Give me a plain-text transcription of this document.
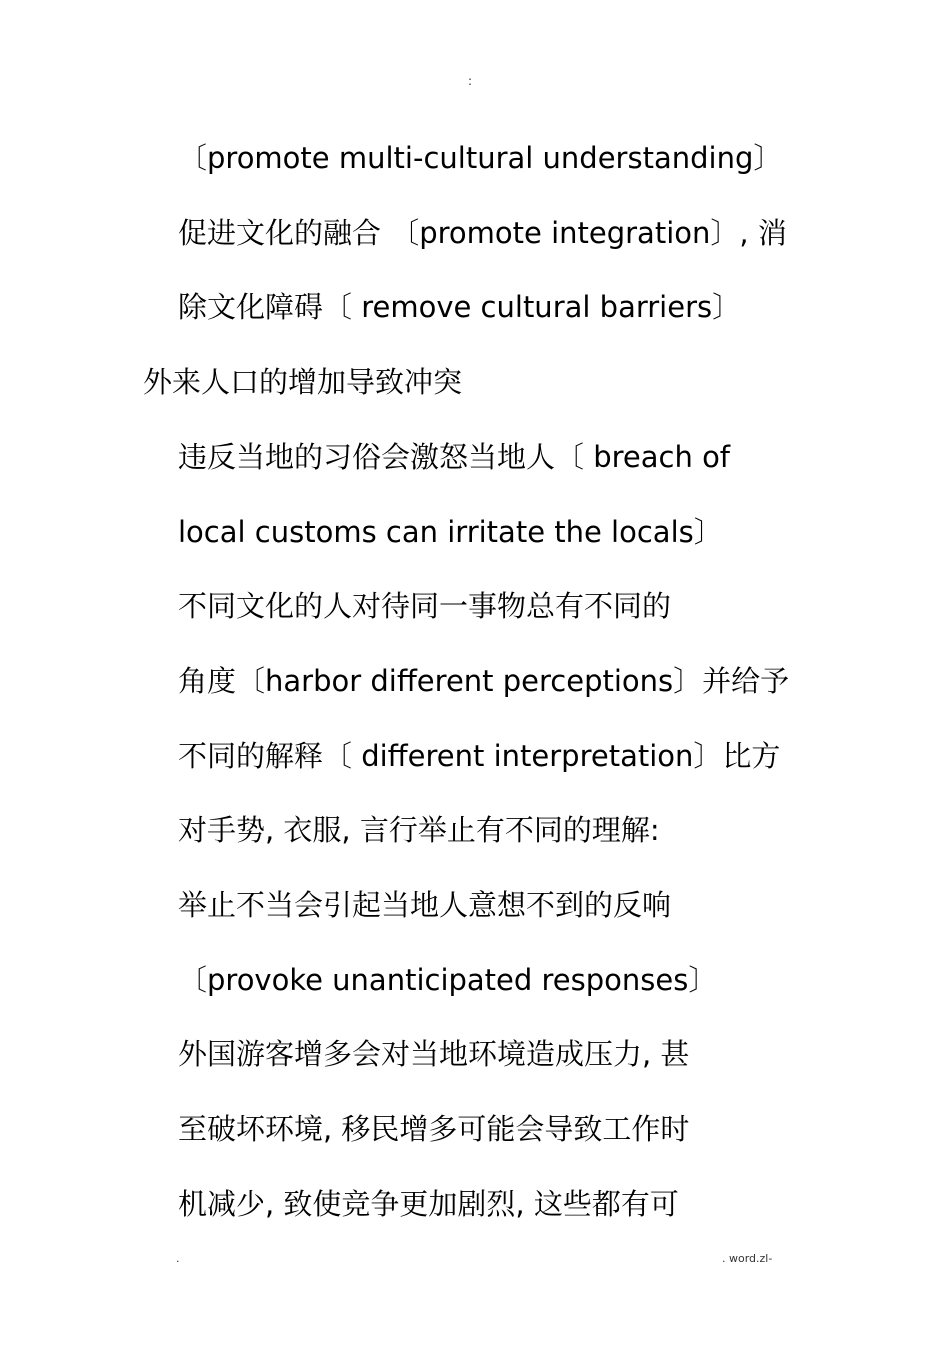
:
〔promote multi-cultural understanding〕
促进文化的融合 〔promote integration〕, 消
除文化障碍〔 remove cultural barriers〕
外来人口的增加导致冲突
违反当地的习俗会激怒当地人〔 breach of
local customs can irritate the locals〕
不同文化的人对待同一事物总有不同的
角度〔harbor different perceptions〕并给予
不同的解释〔 different interpretation〕比方
对手势, 衣服, 言行举止有不同的理解:
举止不当会引起当地人意想不到的反响
〔provoke unanticipated responses〕
外国游客增多会对当地环境造成压力, 甚
至破坏环境, 移民增多可能会导致工作时
机减少, 致使竞争更加剧烈, 这些都有可
.	. word.zl-
